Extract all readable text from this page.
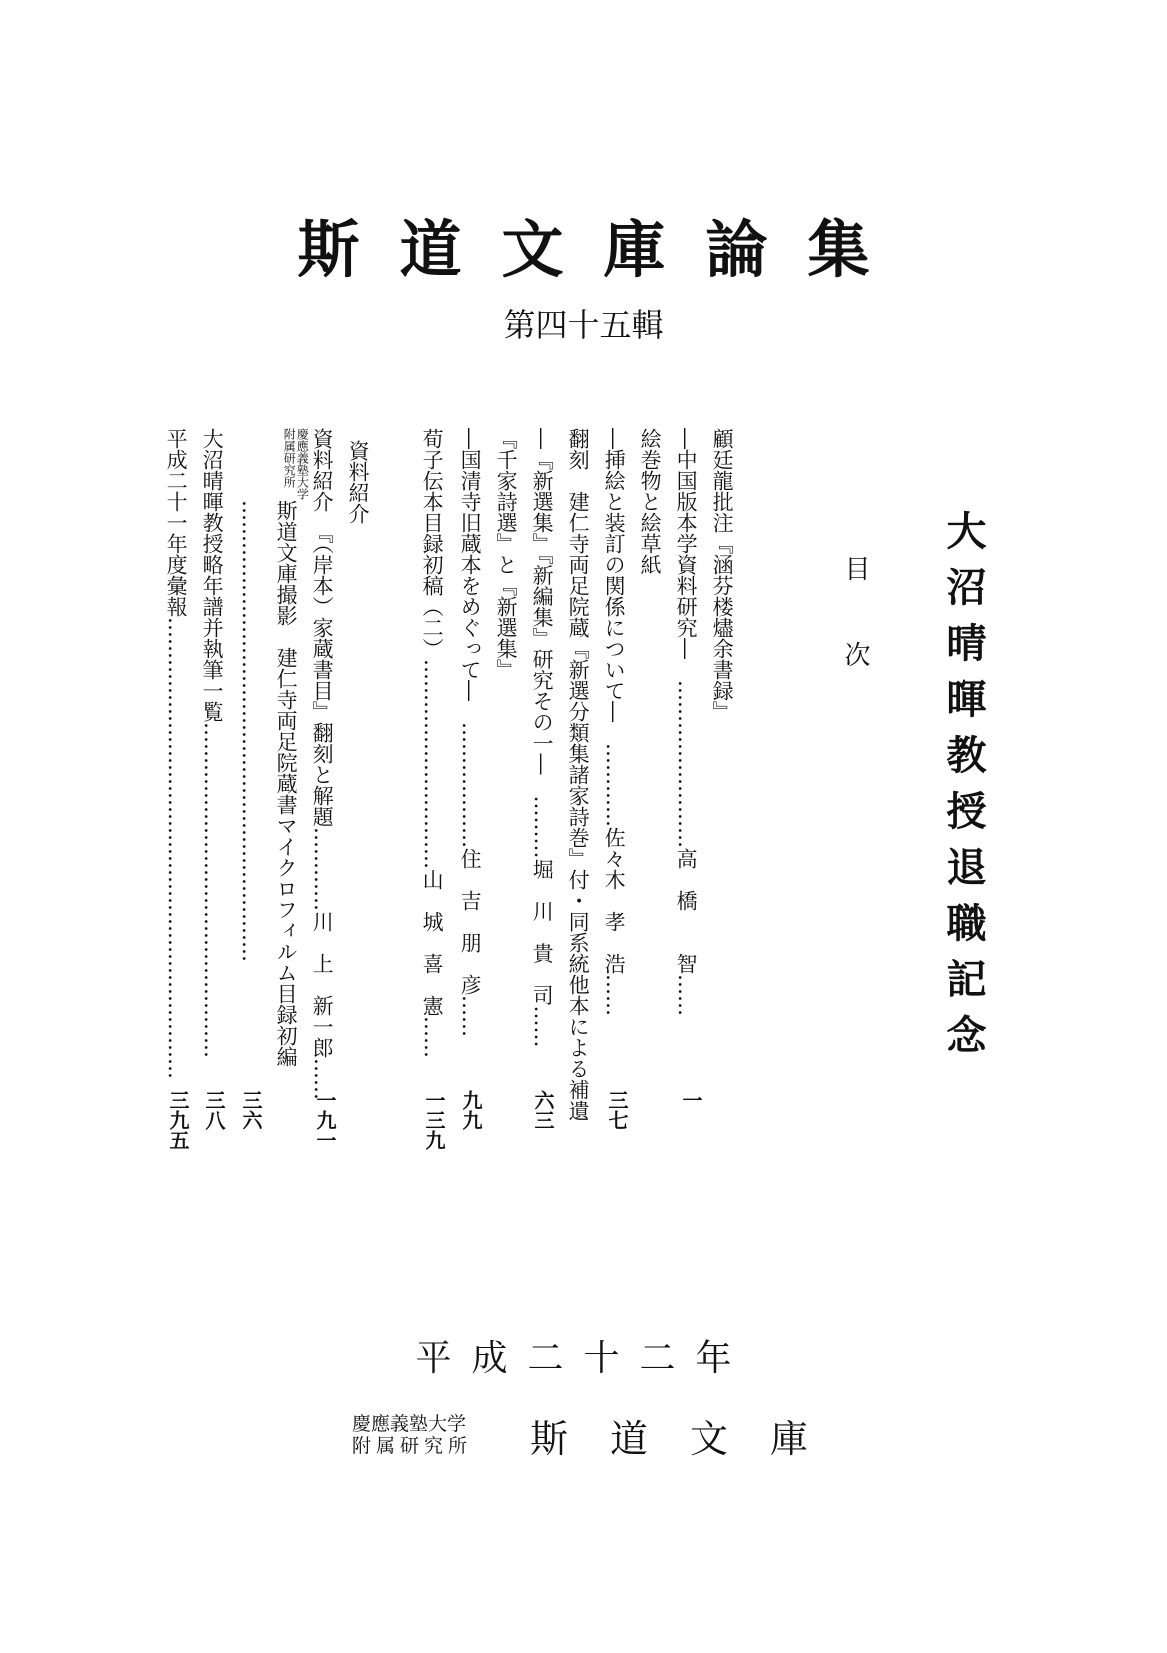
斯道文庫論集
第四十五輯
大沼晴暉教授退職記念
目次
顧廷龍批注『涵芬楼燼余書録』
―中国版本学資料研究―　……………………高　橋　　智……
一
絵巻物と絵草紙
―挿絵と装訂の関係について―　…………佐々木　孝　浩……
三七
翻刻　建仁寺両足院蔵『新選分類集諸家詩巻』付・同系統他本による補遺
―『新選集』『新編集』研究その一―　………堀　川　貴　司……
六三
『千家詩選』と『新選集』
―国清寺旧蔵本をめぐって―　………………住　吉　朋　彦……
九九
荀子伝本目録初稿（二）…………………………山　城　喜　憲……
一三九
資料紹介
資料紹介　『（岸本）家蔵書目』翻刻と解題…………川　上　新一郎……
一九一
慶應義塾大学
附属研究所
斯道文庫撮影　建仁寺両足院蔵書マイクロフィルム目録初編
…………………………………………………………
三六
大沼晴暉教授略年譜并執筆一覧…………………………………………
三八
平成二十一年度彙報…………………………………………………………
三九五
平成二十二年
慶應義塾大学
附属研究所 斯道文庫
